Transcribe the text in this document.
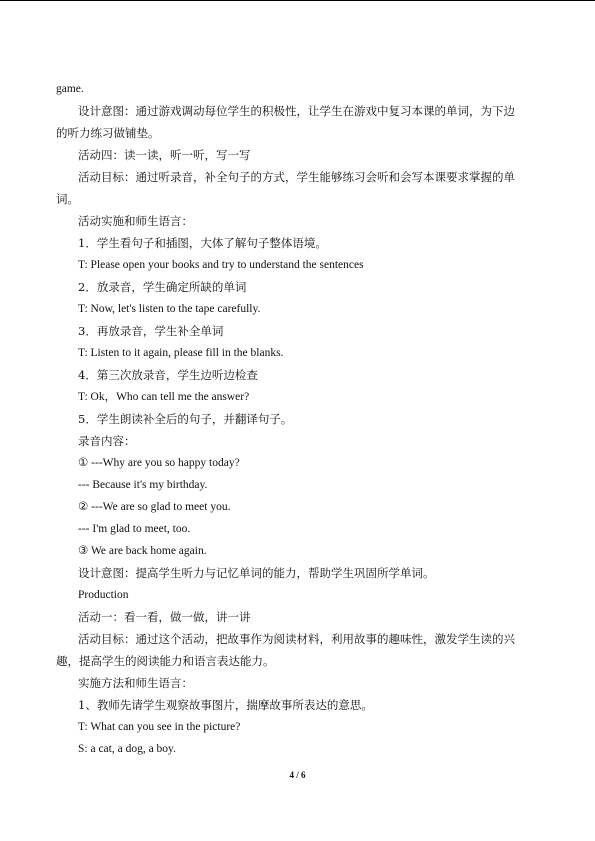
game.
设计意图：通过游戏调动每位学生的积极性，让学生在游戏中复习本课的单词，为下边
的听力练习做铺垫。
活动四：读一读，听一听，写一写
活动目标：通过听录音，补全句子的方式，学生能够练习会听和会写本课要求掌握的单
词。
活动实施和师生语言：
1．学生看句子和插图，大体了解句子整体语境。
T: Please open your books and try to understand the sentences
2．放录音，学生确定所缺的单词
T: Now, let's listen to the tape carefully.
3．再放录音，学生补全单词
T: Listen to it again, please fill in the blanks.
4．第三次放录音，学生边听边检查
T: Ok，Who can tell me the answer?
5．学生朗读补全后的句子，并翻译句子。
录音内容：
① ---Why are you so happy today?
--- Because it's my birthday.
② ---We are so glad to meet you.
--- I'm glad to meet, too.
③ We are back home again.
设计意图：提高学生听力与记忆单词的能力，帮助学生巩固所学单词。
Production
活动一：看一看，做一做，讲一讲
活动目标：通过这个活动，把故事作为阅读材料，利用故事的趣味性，激发学生读的兴
趣，提高学生的阅读能力和语言表达能力。
实施方法和师生语言：
1、教师先请学生观察故事图片，揣摩故事所表达的意思。
T: What can you see in the picture?
S: a cat, a dog, a boy.
4 / 6
